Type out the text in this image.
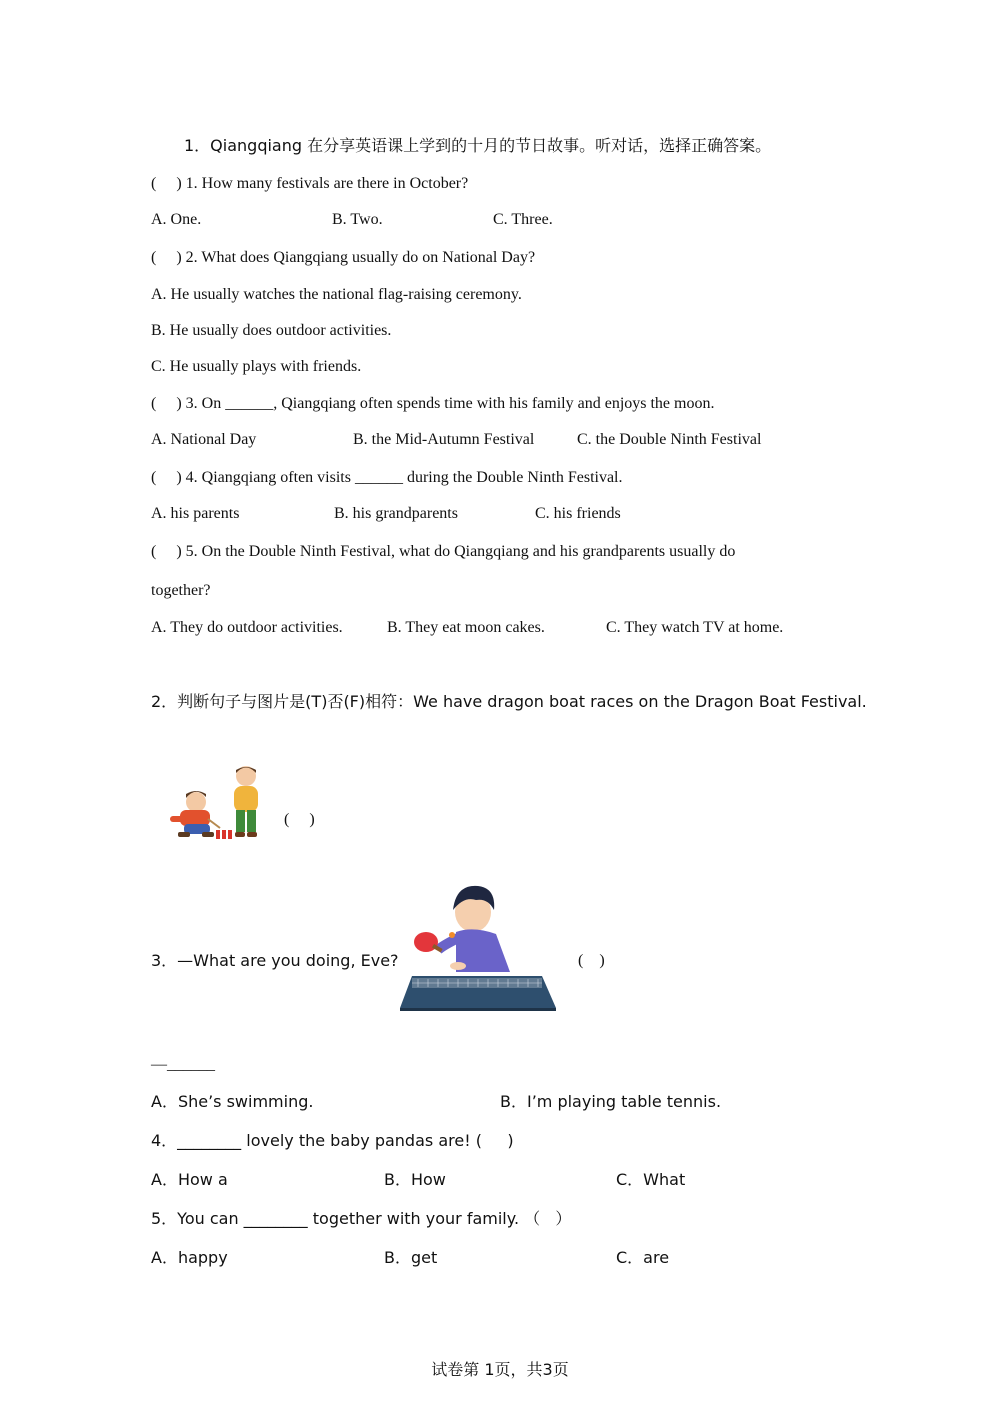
1．Qiangqiang 在分享英语课上学到的十月的节日故事。听对话，选择正确答案。
(     ) 1. How many festivals are there in October?
A. One.	B. Two.	C. Three.
(     ) 2. What does Qiangqiang usually do on National Day?
A. He usually watches the national flag-raising ceremony.
B. He usually does outdoor activities.
C. He usually plays with friends.
(     ) 3. On ______, Qiangqiang often spends time with his family and enjoys the moon.
A. National Day	B. the Mid-Autumn Festival	C. the Double Ninth Festival
(     ) 4. Qiangqiang often visits ______ during the Double Ninth Festival.
A. his parents	B. his grandparents	C. his friends
(     ) 5. On the Double Ninth Festival, what do Qiangqiang and his grandparents usually do
together?
A. They do outdoor activities.	B. They eat moon cakes.	C. They watch TV at home.
2．判断句子与图片是(T)否(F)相符：We have dragon boat races on the Dragon Boat Festival.
(     )
3．—What are you doing, Eve?	(    )
—______
A．She’s swimming.	B．I’m playing table tennis.
4．________ lovely the baby pandas are! (     )
A．How a	B．How	C．What
5．You can ________ together with your family. （   ）
A．happy	B．get	C．are
试卷第 1页，共3页
